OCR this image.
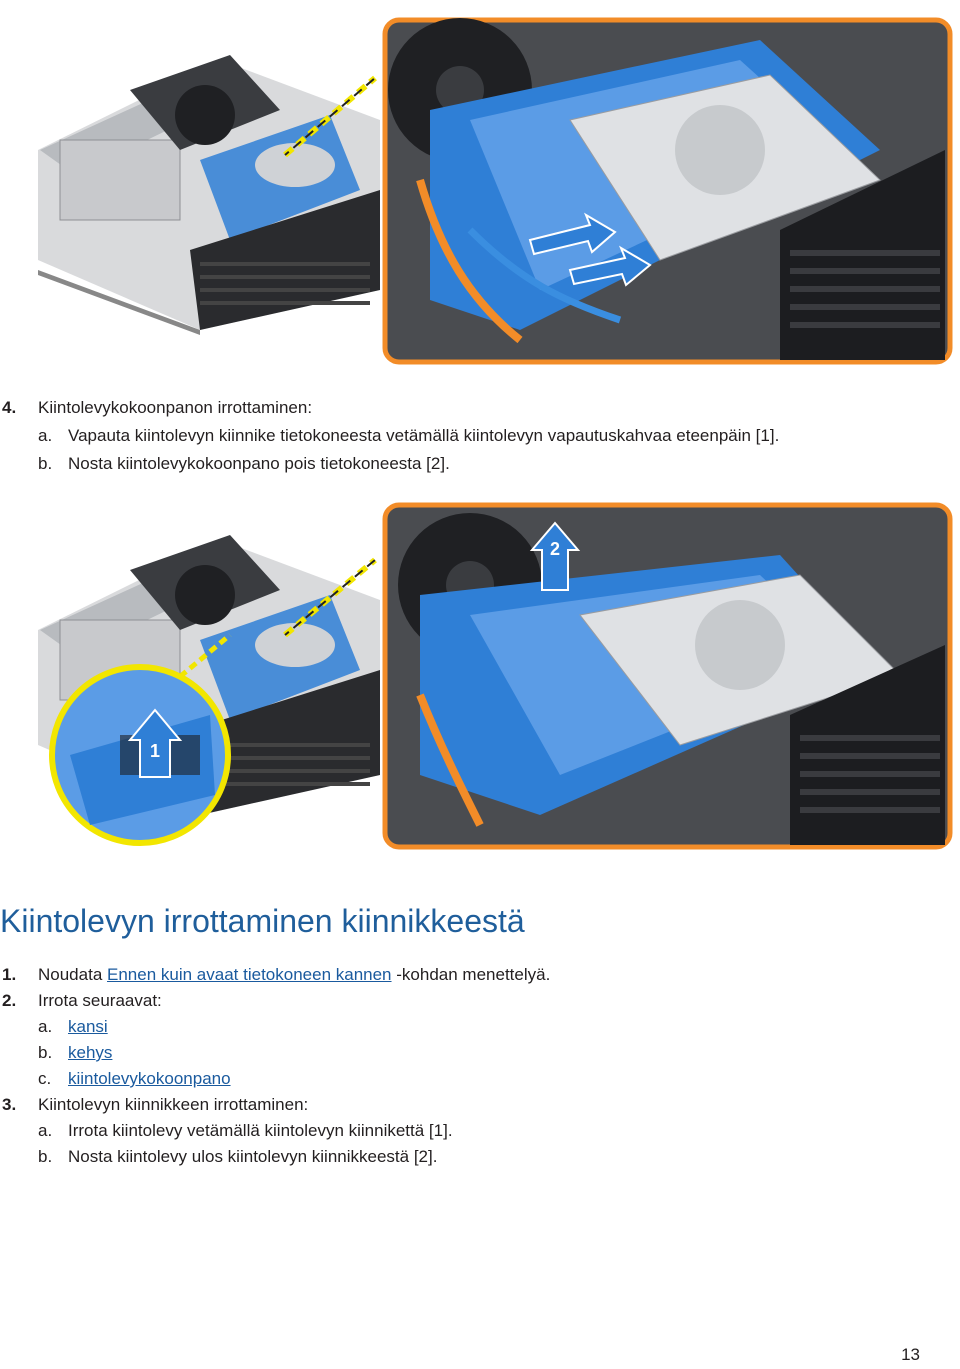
4. Kiintolevykokoonpanon irrottaminen:
a. Vapauta kiintolevyn kiinnike tietokoneesta vetämällä kiintolevyn vapautuskahvaa eteenpäin [1].
b. Nosta kiintolevykokoonpano pois tietokoneesta [2].
1
2
Kiintolevyn irrottaminen kiinnikkeestä
1. Noudata Ennen kuin avaat tietokoneen kannen -kohdan menettelyä.
2. Irrota seuraavat:
a. kansi
b. kehys
c. kiintolevykokoonpano
3. Kiintolevyn kiinnikkeen irrottaminen:
a. Irrota kiintolevy vetämällä kiintolevyn kiinnikettä [1].
b. Nosta kiintolevy ulos kiintolevyn kiinnikkeestä [2].
13
